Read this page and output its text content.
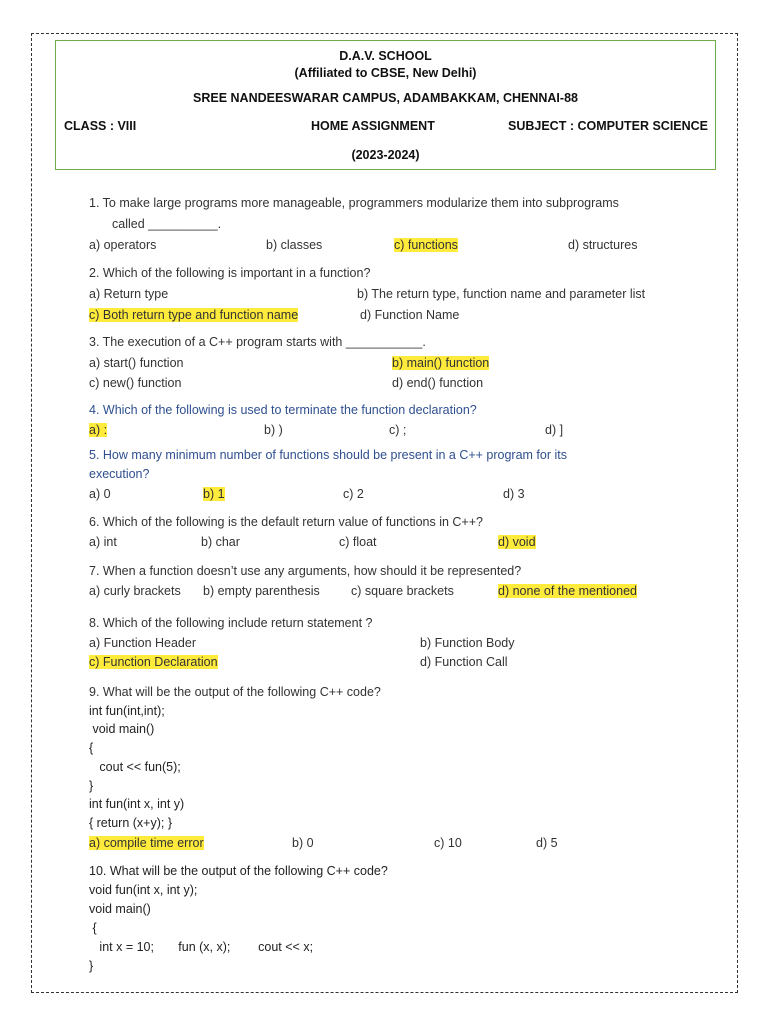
D.A.V. SCHOOL
(Affiliated to CBSE, New Delhi)
SREE NANDEESWARAR CAMPUS, ADAMBAKKAM, CHENNAI-88
CLASS : VIII	HOME ASSIGNMENT	SUBJECT : COMPUTER SCIENCE
(2023-2024)
1. To make large programs more manageable, programmers modularize them into subprograms
called __________.
a) operators	b) classes	c) functions	d) structures
2. Which of the following is important in a function?
a) Return type	b) The return type, function name and parameter list
c) Both return type and function name	d) Function Name
3. The execution of a C++ program starts with ___________.
a) start() function	b) main() function
c) new() function	d) end() function
4. Which of the following is used to terminate the function declaration?
a) :	b) )	c) ;	d) ]
5. How many minimum number of functions should be present in a C++ program for its
execution?
a) 0	b) 1	c) 2	d) 3
6. Which of the following is the default return value of functions in C++?
a) int	b) char	c) float	d) void
7. When a function doesn’t use any arguments, how should it be represented?
a) curly brackets b) empty parenthesis	c) square brackets	d) none of the mentioned
8. Which of the following include return statement ?
a) Function Header	b) Function Body
c) Function Declaration	d) Function Call
9. What will be the output of the following C++ code?
int fun(int,int);
void main()
{
cout << fun(5);
}
int fun(int x, int y)
{ return (x+y); }
a) compile time error	b) 0	c) 10	d) 5
10. What will be the output of the following C++ code?
void fun(int x, int y);
void main()
{
int x = 10;       fun (x, x);        cout << x;
}
